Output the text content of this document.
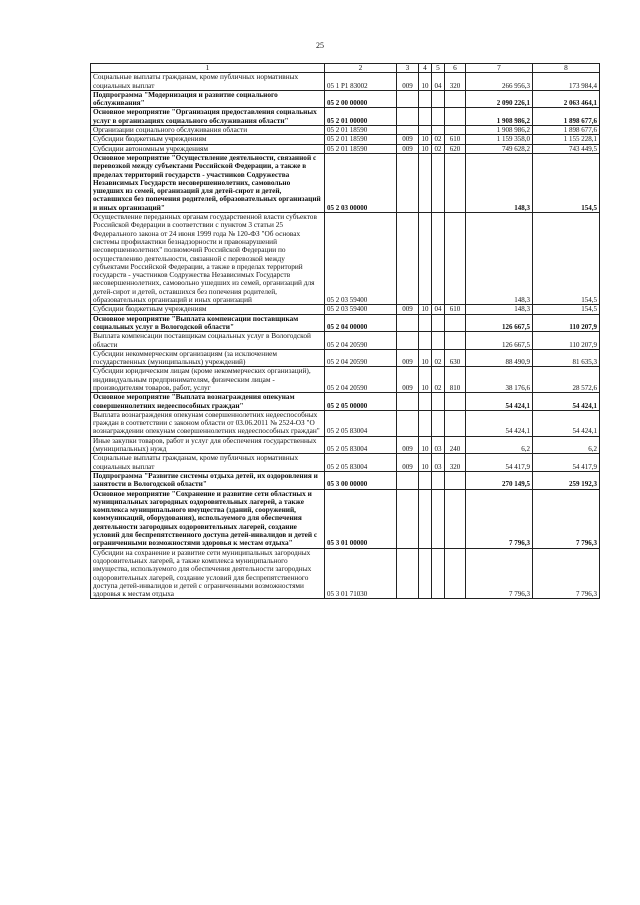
25
1	2	3	4	5	6	7	8
Социальные выплаты гражданам, кроме публичных нормативных социальных выплат	05 1 Р1 83002	009	10	04	320	266 956,3	173 984,4
Подпрограмма "Модернизация и развитие социального обслуживания"	05 2 00 00000					2 090 226,1	2 063 464,1
Основное мероприятие "Организация предоставления социальных услуг в организациях социального обслуживания области"	05 2 01 00000					1 908 986,2	1 898 677,6
Организации социального обслуживания области	05 2 01 18590					1 908 986,2	1 898 677,6
Субсидии бюджетным учреждениям	05 2 01 18590	009	10	02	610	1 159 358,0	1 155 228,1
Субсидии автономным учреждениям	05 2 01 18590	009	10	02	620	749 628,2	743 449,5
Основное мероприятие "Осуществление деятельности, связанной с перевозкой между субъектами Российской Федерации, а также в пределах территорий государств - участников Содружества Независимых Государств несовершеннолетних, самовольно ушедших из семей, организаций для детей-сирот и детей, оставшихся без попечения родителей, образовательных организаций и иных организаций"	05 2 03 00000					148,3	154,5
Осуществление переданных органам государственной власти субъектов Российской Федерации в соответствии с пунктом 3 статьи 25 Федерального закона от 24 июня 1999 года № 120-ФЗ "Об основах системы профилактики безнадзорности и правонарушений несовершеннолетних" полномочий Российской Федерации по осуществлению деятельности, связанной с перевозкой между субъектами Российской Федерации, а также в пределах территорий государств - участников Содружества Независимых Государств несовершеннолетних, самовольно ушедших из семей, организаций для детей-сирот и детей, оставшихся без попечения родителей, образовательных организаций и иных организаций	05 2 03 59400					148,3	154,5
Субсидии бюджетным учреждениям	05 2 03 59400	009	10	04	610	148,3	154,5
Основное мероприятие "Выплата компенсации поставщикам социальных услуг в Вологодской области"	05 2 04 00000					126 667,5	110 207,9
Выплата компенсации поставщикам социальных услуг в Вологодской области	05 2 04 20590					126 667,5	110 207,9
Субсидии некоммерческим организациям (за исключением государственных (муниципальных) учреждений)	05 2 04 20590	009	10	02	630	88 490,9	81 635,3
Субсидии юридическим лицам (кроме некоммерческих организаций), индивидуальным предпринимателям, физическим лицам - производителям товаров, работ, услуг	05 2 04 20590	009	10	02	810	38 176,6	28 572,6
Основное мероприятие "Выплата вознаграждения опекунам совершеннолетних недееспособных граждан"	05 2 05 00000					54 424,1	54 424,1
Выплата вознаграждения опекунам совершеннолетних недееспособных граждан в соответствии с законом области от 03.06.2011 № 2524-ОЗ "О вознаграждении опекунам совершеннолетних недееспособных граждан"	05 2 05 83004					54 424,1	54 424,1
Иные закупки товаров, работ и услуг для обеспечения государственных (муниципальных) нужд	05 2 05 83004	009	10	03	240	6,2	6,2
Социальные выплаты гражданам, кроме публичных нормативных социальных выплат	05 2 05 83004	009	10	03	320	54 417,9	54 417,9
Подпрограмма "Развитие системы отдыха детей, их оздоровления и занятости в Вологодской области"	05 3 00 00000					270 149,5	259 192,3
Основное мероприятие "Сохранение и развитие сети областных и муниципальных загородных оздоровительных лагерей, а также комплекса муниципального имущества (зданий, сооружений, коммуникаций, оборудования), используемого для обеспечения деятельности загородных оздоровительных лагерей, создание условий для беспрепятственного доступа детей-инвалидов и детей с ограниченными возможностями здоровья к местам отдыха"	05 3 01 00000					7 796,3	7 796,3
Субсидии на сохранение и развитие сети муниципальных загородных оздоровительных лагерей, а также комплекса муниципального имущества, используемого для обеспечения деятельности загородных оздоровительных лагерей, создание условий для беспрепятственного доступа детей-инвалидов и детей с ограниченными возможностями здоровья к местам отдыха	05 3 01 71030					7 796,3	7 796,3
